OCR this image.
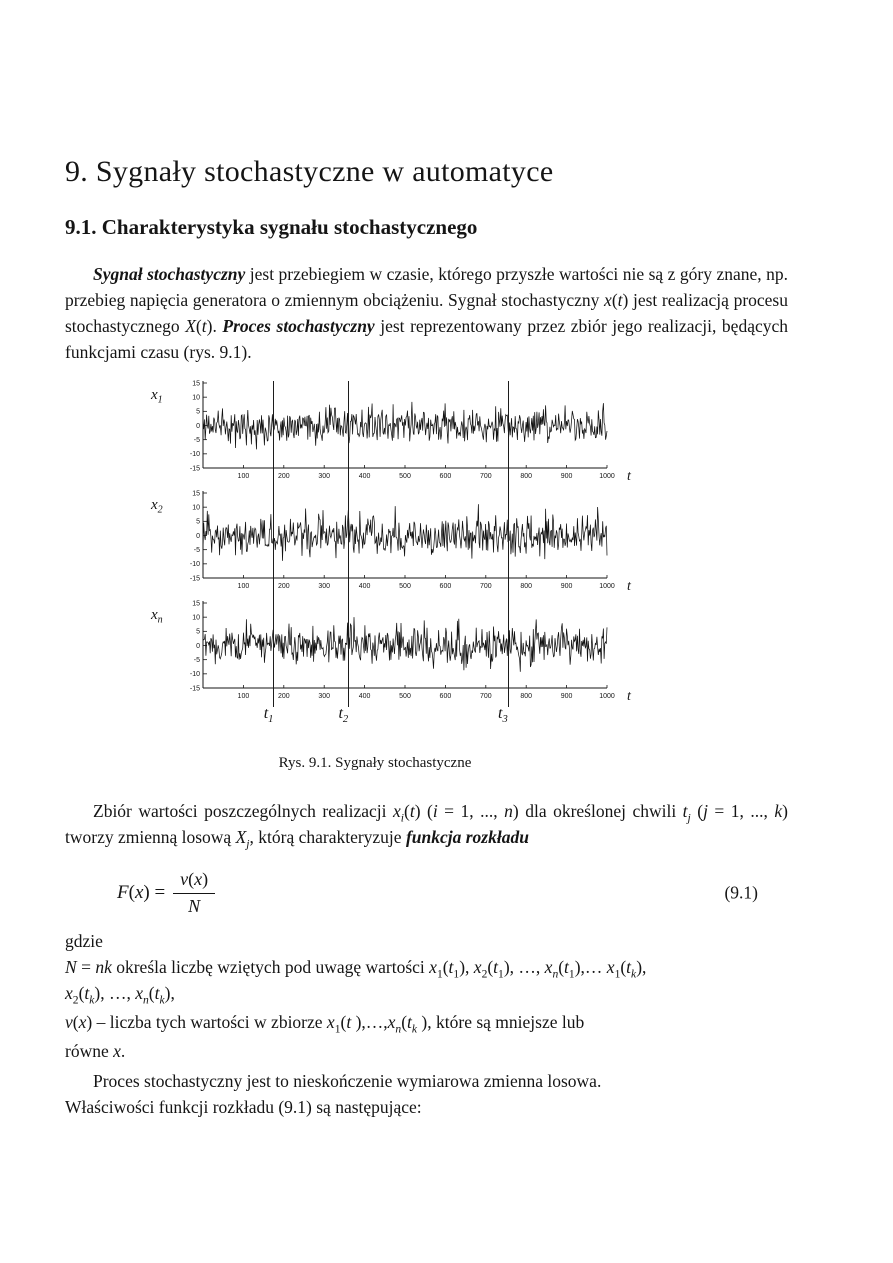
9. Sygnały stochastyczne w automatyce
9.1. Charakterystyka sygnału stochastycznego

Sygnał stochastyczny jest przebiegiem w czasie, którego przyszłe wartości nie są z góry znane, np. przebieg napięcia generatora o zmiennym obciążeniu. Sygnał stochastyczny x(t) jest realizacją procesu stochastycznego X(t). Proces stochastyczny jest reprezentowany przez zbiór jego realizacji, będących funkcjami czasu (rys. 9.1).

15
10
5
0
-5
-10
-15
100	200	300	400	500	600	700	800	900	1000 t
$x_1$
15
10
5
0
-5
-10
-15
100	200	300	400	500	600	700	800	900	1000 t
$x_2$
15
10
5
0
-5
-10
-15
100	200	300	400	500	600	700	800	900	1000 t
$x_n$
$t_1$	$t_2$	$t_3$
Rys. 9.1. Sygnały stochastyczne

Zbiór wartości poszczególnych realizacji $x_i(t) (i = 1$, ..., n) dla określonej chwili $t_j$ (j = 1, ..., k) tworzy zmienną losową $X_j$, którą charakteryzuje funkcja rozkładu

$F(x) = \frac{\nu(x)}{N}$	(9.1)
gdzie
N = nk określa liczbę wziętych pod uwagę wartości $x_1(t_1)$, $x_2(t_1)$, …, $x_n(t_1),\dots$ $x_1(t_k)$,
$x_2(t_k)$, …, $x_n(t_k)$,
ν(x) – liczba tych wartości w zbiorze $x_1(t$ )$,\dots,x_n(t_k$ ), które są mniejsze lub
równe x.
Proces stochastyczny jest to nieskończenie wymiarowa zmienna losowa.
Właściwości funkcji rozkładu (9.1) są następujące:
